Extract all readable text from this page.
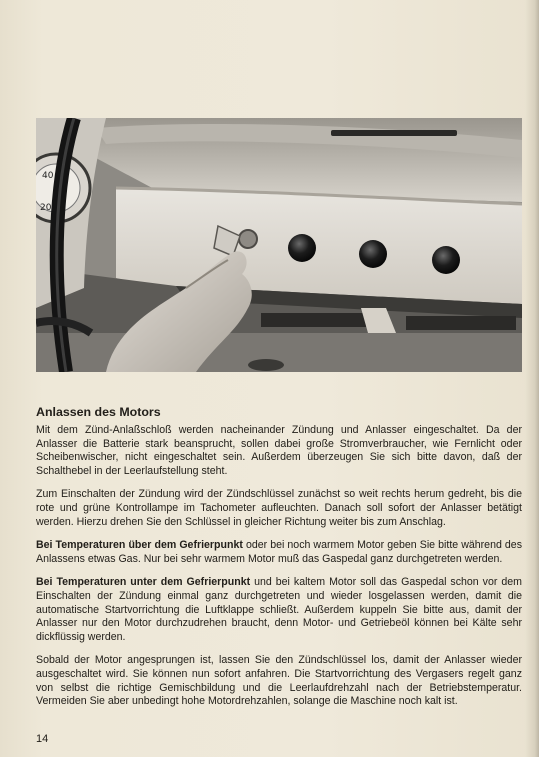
40
20
60
Anlassen des Motors

Mit dem Zünd-Anlaßschloß werden nacheinander Zündung und Anlasser eingeschaltet. Da der Anlasser die Batterie stark beansprucht, sollen dabei große Stromverbraucher, wie Fernlicht oder Scheibenwischer, nicht eingeschaltet sein. Außerdem überzeugen Sie sich bitte davon, daß der Schalthebel in der Leerlaufstellung steht.

Zum Einschalten der Zündung wird der Zündschlüssel zunächst so weit rechts herum gedreht, bis die rote und grüne Kontrollampe im Tachometer aufleuchten. Danach soll sofort der Anlasser betätigt werden. Hierzu drehen Sie den Schlüssel in gleicher Richtung weiter bis zum Anschlag.

Bei Temperaturen über dem Gefrierpunkt oder bei noch warmem Motor geben Sie bitte während des Anlassens etwas Gas. Nur bei sehr warmem Motor muß das Gaspedal ganz durchgetreten werden.

Bei Temperaturen unter dem Gefrierpunkt und bei kaltem Motor soll das Gaspedal schon vor dem Einschalten der Zündung einmal ganz durchgetreten und wieder losgelassen werden, damit die automatische Startvorrichtung die Luftklappe schließt. Außerdem kuppeln Sie bitte aus, damit der Anlasser nur den Motor durchzudrehen braucht, denn Motor- und Getriebeöl können bei Kälte sehr dickflüssig werden.

Sobald der Motor angesprungen ist, lassen Sie den Zündschlüssel los, damit der Anlasser wieder ausgeschaltet wird. Sie können nun sofort anfahren. Die Startvorrichtung des Vergasers regelt ganz von selbst die richtige Gemischbildung und die Leerlaufdrehzahl nach der Betriebstemperatur. Vermeiden Sie aber unbedingt hohe Motordrehzahlen, solange die Maschine noch kalt ist.

14
